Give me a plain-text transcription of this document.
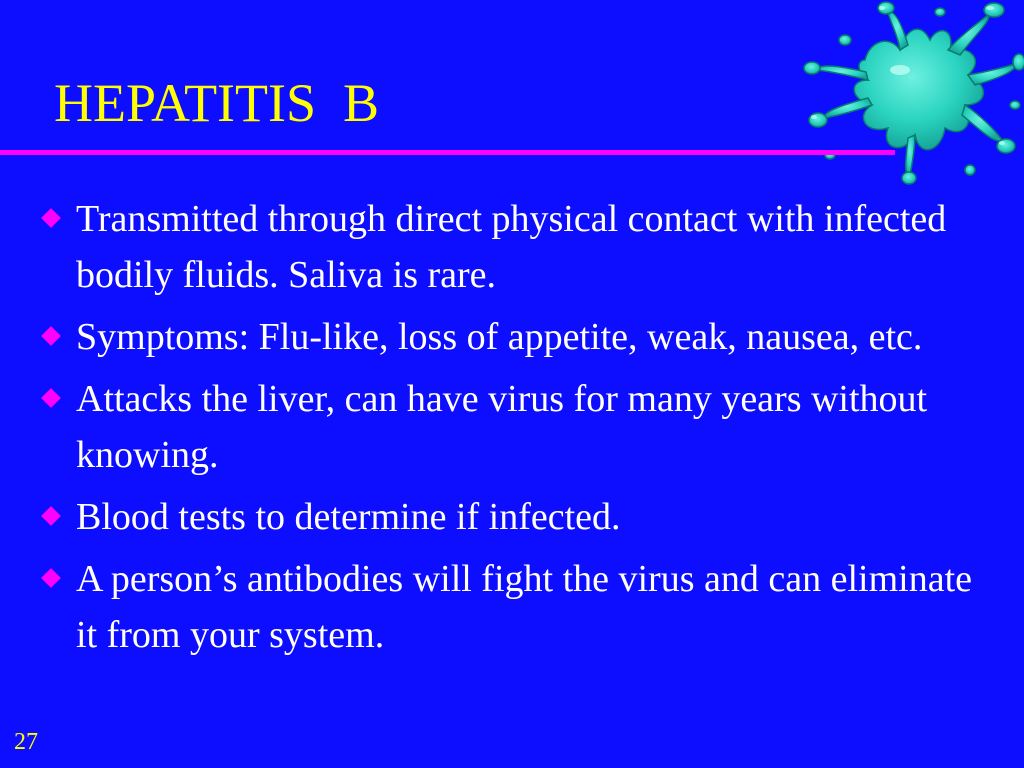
HEPATITIS  B
Transmitted through direct physical contact with infected bodily fluids. Saliva is rare.
Symptoms: Flu-like, loss of appetite, weak, nausea, etc.
Attacks the liver, can have virus for many years without knowing.
Blood tests to determine if infected.
A person’s antibodies will fight the virus and can eliminate it from your system.
27
